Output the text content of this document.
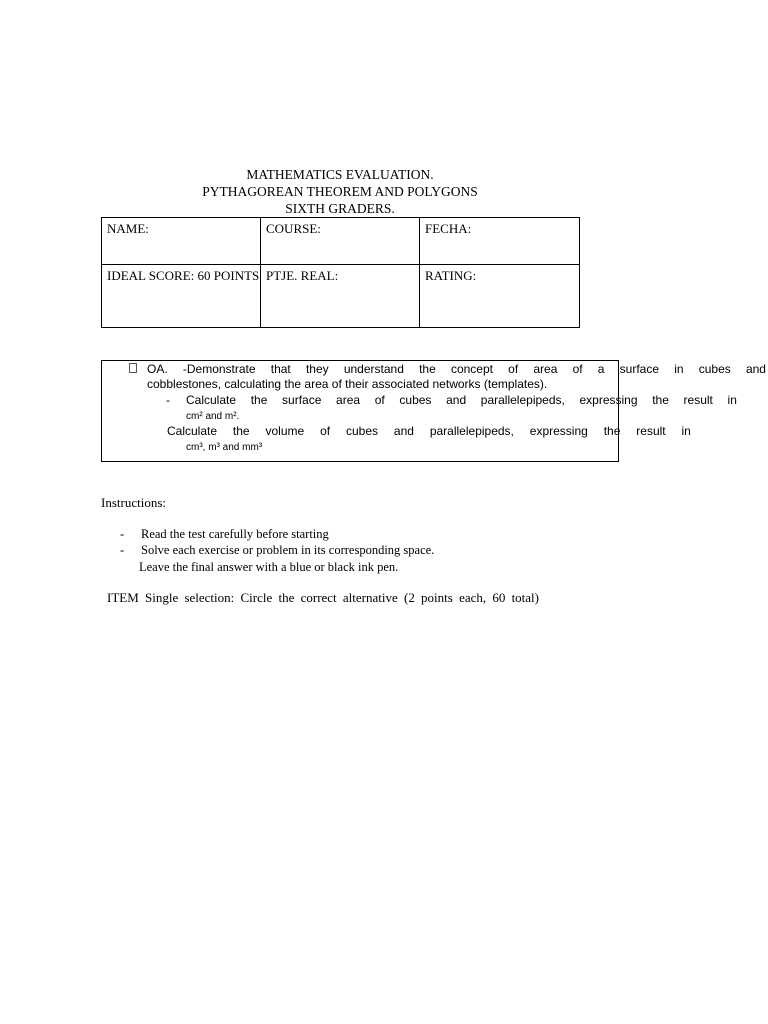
MATHEMATICS EVALUATION.
PYTHAGOREAN THEOREM AND POLYGONS
SIXTH GRADERS.
NAME:	COURSE:	FECHA:
IDEAL SCORE: 60 POINTS	PTJE. REAL:	RATING:
OA. -Demonstrate that they understand the concept of area of a surface in cubes and
cobblestones, calculating the area of their associated networks (templates).
- Calculate the surface area of cubes and parallelepipeds, expressing the result in
cm² and m².
Calculate the volume of cubes and parallelepipeds, expressing the result in
cm³, m³ and mm³
Instructions:
- Read the test carefully before starting
- Solve each exercise or problem in its corresponding space.
Leave the final answer with a blue or black ink pen.
ITEM Single selection: Circle the correct alternative (2 points each, 60 total)
